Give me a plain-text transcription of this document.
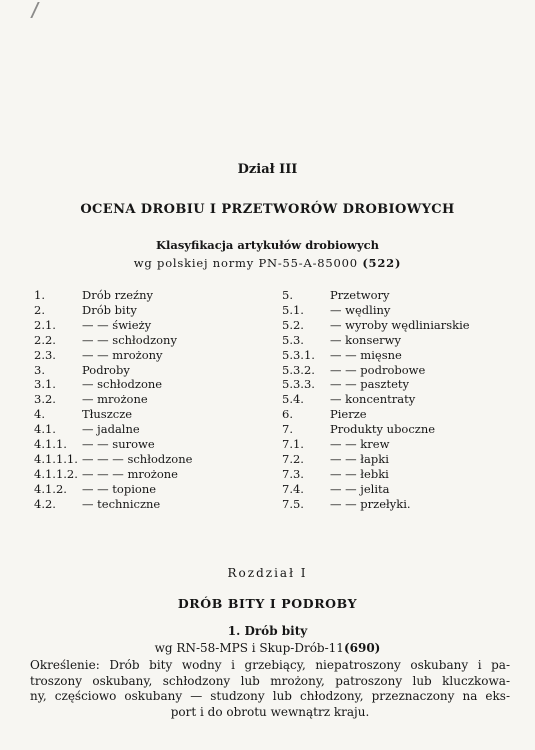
Dział III
OCENA DROBIU I PRZETWORÓW DROBIOWYCH
Klasyfikacja artykułów drobiowych
wg polskiej normy PN-55-A-85000 (522)
1.	Drób rzeźny
2.	Drób bity
2.1.	— — świeży
2.2.	— — schłodzony
2.3.	— — mrożony
3.	Podroby
3.1.	— schłodzone
3.2.	— mrożone
4.	Tłuszcze
4.1.	— jadalne
4.1.1.	— — surowe
4.1.1.1. — — — schłodzone
4.1.1.2. — — — mrożone
4.1.2.	— — topione
4.2.	— techniczne
5.	Przetwory
5.1.	— wędliny
5.2.	— wyroby wędliniarskie
5.3.	— konserwy
5.3.1.	— — mięsne
5.3.2.	— — podrobowe
5.3.3.	— — pasztety
5.4.	— koncentraty
6.	Pierze
7.	Produkty uboczne
7.1.	— — krew
7.2.	— — łapki
7.3.	— — łebki
7.4.	— — jelita
7.5.	— — przełyki.
Rozdział I
DRÓB BITY I PODROBY
1. Drób bity
wg RN-58-MPS i Skup-Drób-11(690)
Określenie: Drób bity wodny i grzebiący, niepatroszony oskubany i pa-
troszony oskubany, schłodzony lub mrożony, patroszony lub kluczkowa-
ny, częściowo oskubany — studzony lub chłodzony, przeznaczony na eks-
port i do obrotu wewnątrz kraju.
